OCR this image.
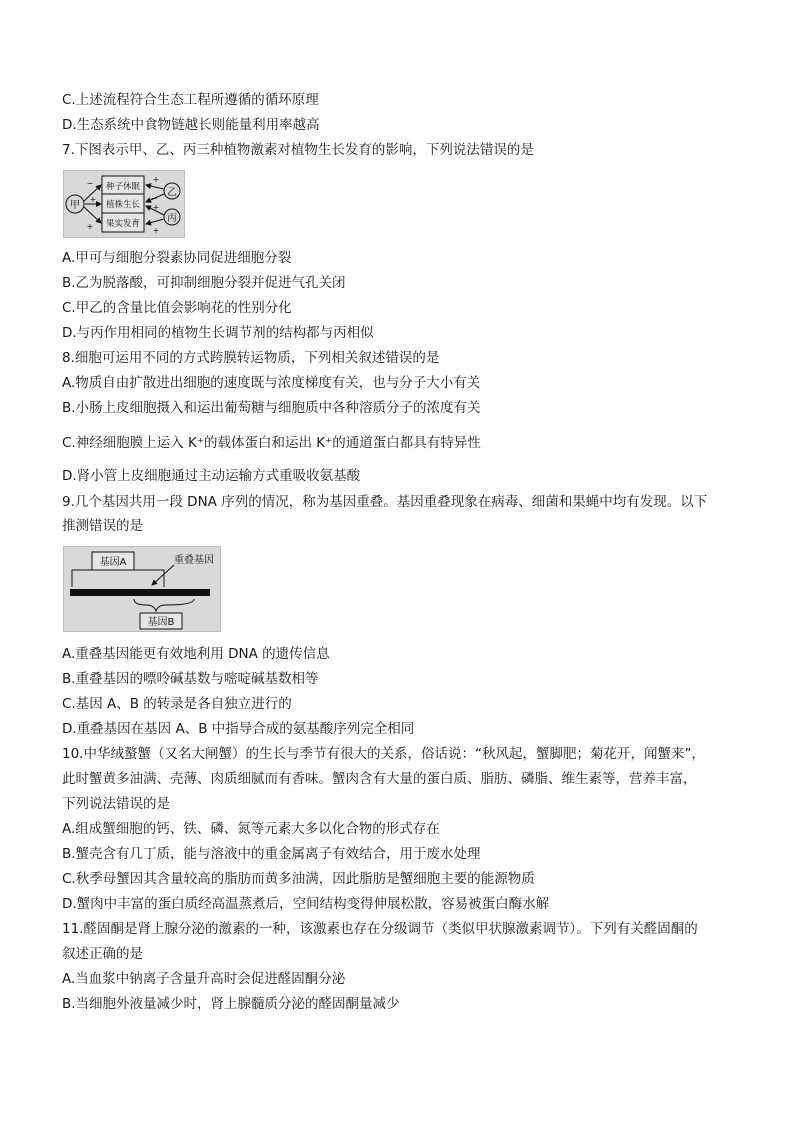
C.上述流程符合生态工程所遵循的循环原理
D.生态系统中食物链越长则能量利用率越高
7.下图表示甲、乙、丙三种植物激素对植物生长发育的影响，下列说法错误的是
甲
种子休眠
植株生长
果实发育
−
+
+
乙
丙
+
−
+
+
A.甲可与细胞分裂素协同促进细胞分裂
B.乙为脱落酸，可抑制细胞分裂并促进气孔关闭
C.甲乙的含量比值会影响花的性别分化
D.与丙作用相同的植物生长调节剂的结构都与丙相似
8.细胞可运用不同的方式跨膜转运物质，下列相关叙述错误的是
A.物质自由扩散进出细胞的速度既与浓度梯度有关，也与分子大小有关
B.小肠上皮细胞摄入和运出葡萄糖与细胞质中各种溶质分子的浓度有关
C.神经细胞膜上运入 K⁺的载体蛋白和运出 K⁺的通道蛋白都具有特异性
D.肾小管上皮细胞通过主动运输方式重吸收氨基酸
9.几个基因共用一段 DNA 序列的情况，称为基因重叠。基因重叠现象在病毒、细菌和果蝇中均有发现。以下
推测错误的是
基因A	重叠基因
基因B
A.重叠基因能更有效地利用 DNA 的遗传信息
B.重叠基因的嘌呤碱基数与嘧啶碱基数相等
C.基因 A、B 的转录是各自独立进行的
D.重叠基因在基因 A、B 中指导合成的氨基酸序列完全相同
10.中华绒螯蟹（又名大闸蟹）的生长与季节有很大的关系，俗话说：“秋风起，蟹脚肥；菊花开，闻蟹来”，
此时蟹黄多油满、壳薄、肉质细腻而有香味。蟹肉含有大量的蛋白质、脂肪、磷脂、维生素等，营养丰富，
下列说法错误的是
A.组成蟹细胞的钙、铁、磷、氮等元素大多以化合物的形式存在
B.蟹壳含有几丁质，能与溶液中的重金属离子有效结合，用于废水处理
C.秋季母蟹因其含量较高的脂肪而黄多油满，因此脂肪是蟹细胞主要的能源物质
D.蟹肉中丰富的蛋白质经高温蒸煮后，空间结构变得伸展松散，容易被蛋白酶水解
11.醛固酮是肾上腺分泌的激素的一种，该激素也存在分级调节（类似甲状腺激素调节）。下列有关醛固酮的
叙述正确的是
A.当血浆中钠离子含量升高时会促进醛固酮分泌
B.当细胞外液量减少时，肾上腺髓质分泌的醛固酮量减少
